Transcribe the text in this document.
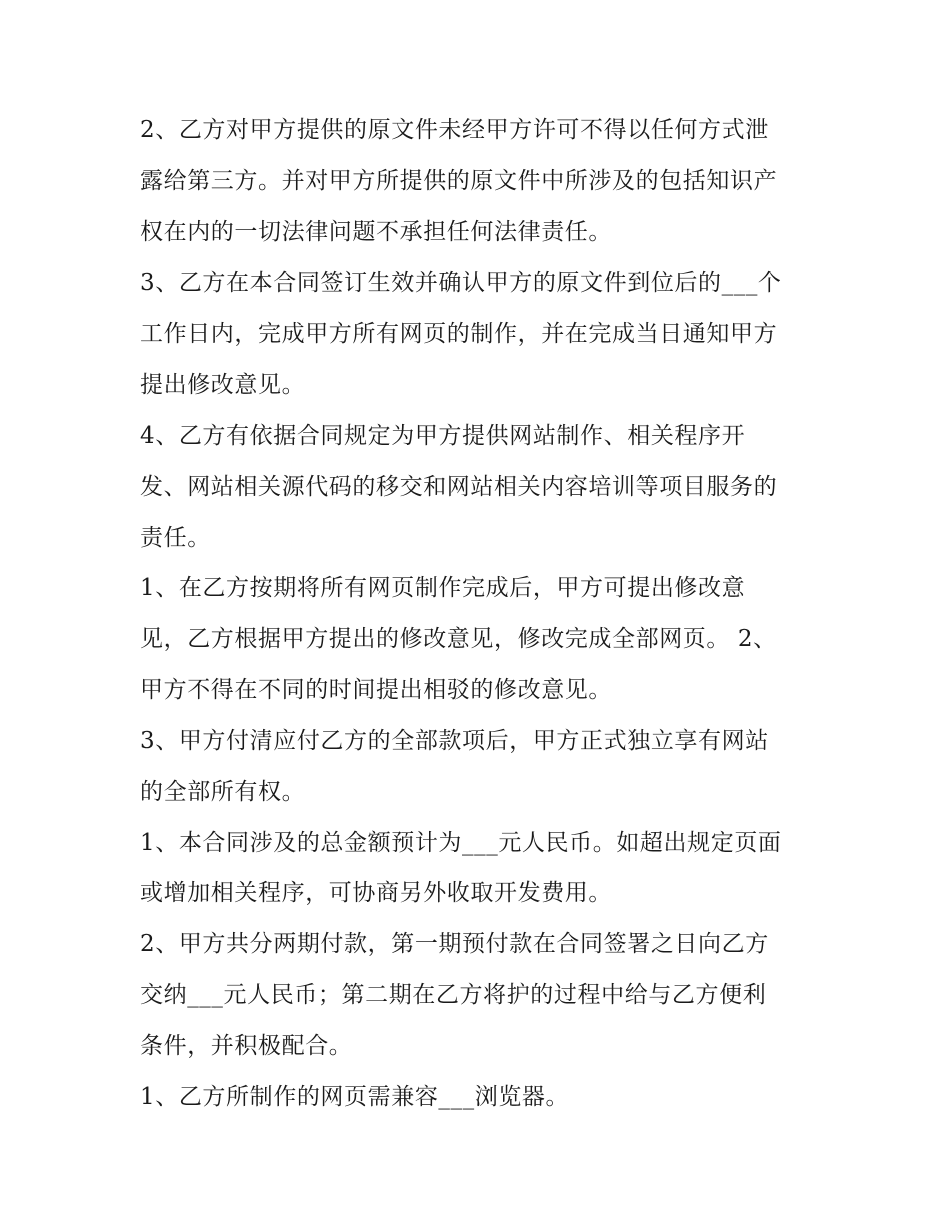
2、乙方对甲方提供的原文件未经甲方许可不得以任何方式泄
露给第三方。并对甲方所提供的原文件中所涉及的包括知识产
权在内的一切法律问题不承担任何法律责任。
3、乙方在本合同签订生效并确认甲方的原文件到位后的___个
工作日内，完成甲方所有网页的制作，并在完成当日通知甲方
提出修改意见。
4、乙方有依据合同规定为甲方提供网站制作、相关程序开
发、网站相关源代码的移交和网站相关内容培训等项目服务的
责任。
1、在乙方按期将所有网页制作完成后，甲方可提出修改意
见，乙方根据甲方提出的修改意见，修改完成全部网页。 2、
甲方不得在不同的时间提出相驳的修改意见。
3、甲方付清应付乙方的全部款项后，甲方正式独立享有网站
的全部所有权。
1、本合同涉及的总金额预计为___元人民币。如超出规定页面
或增加相关程序，可协商另外收取开发费用。
2、甲方共分两期付款，第一期预付款在合同签署之日向乙方
交纳___元人民币；第二期在乙方将护的过程中给与乙方便利
条件，并积极配合。
1、乙方所制作的网页需兼容___浏览器。
